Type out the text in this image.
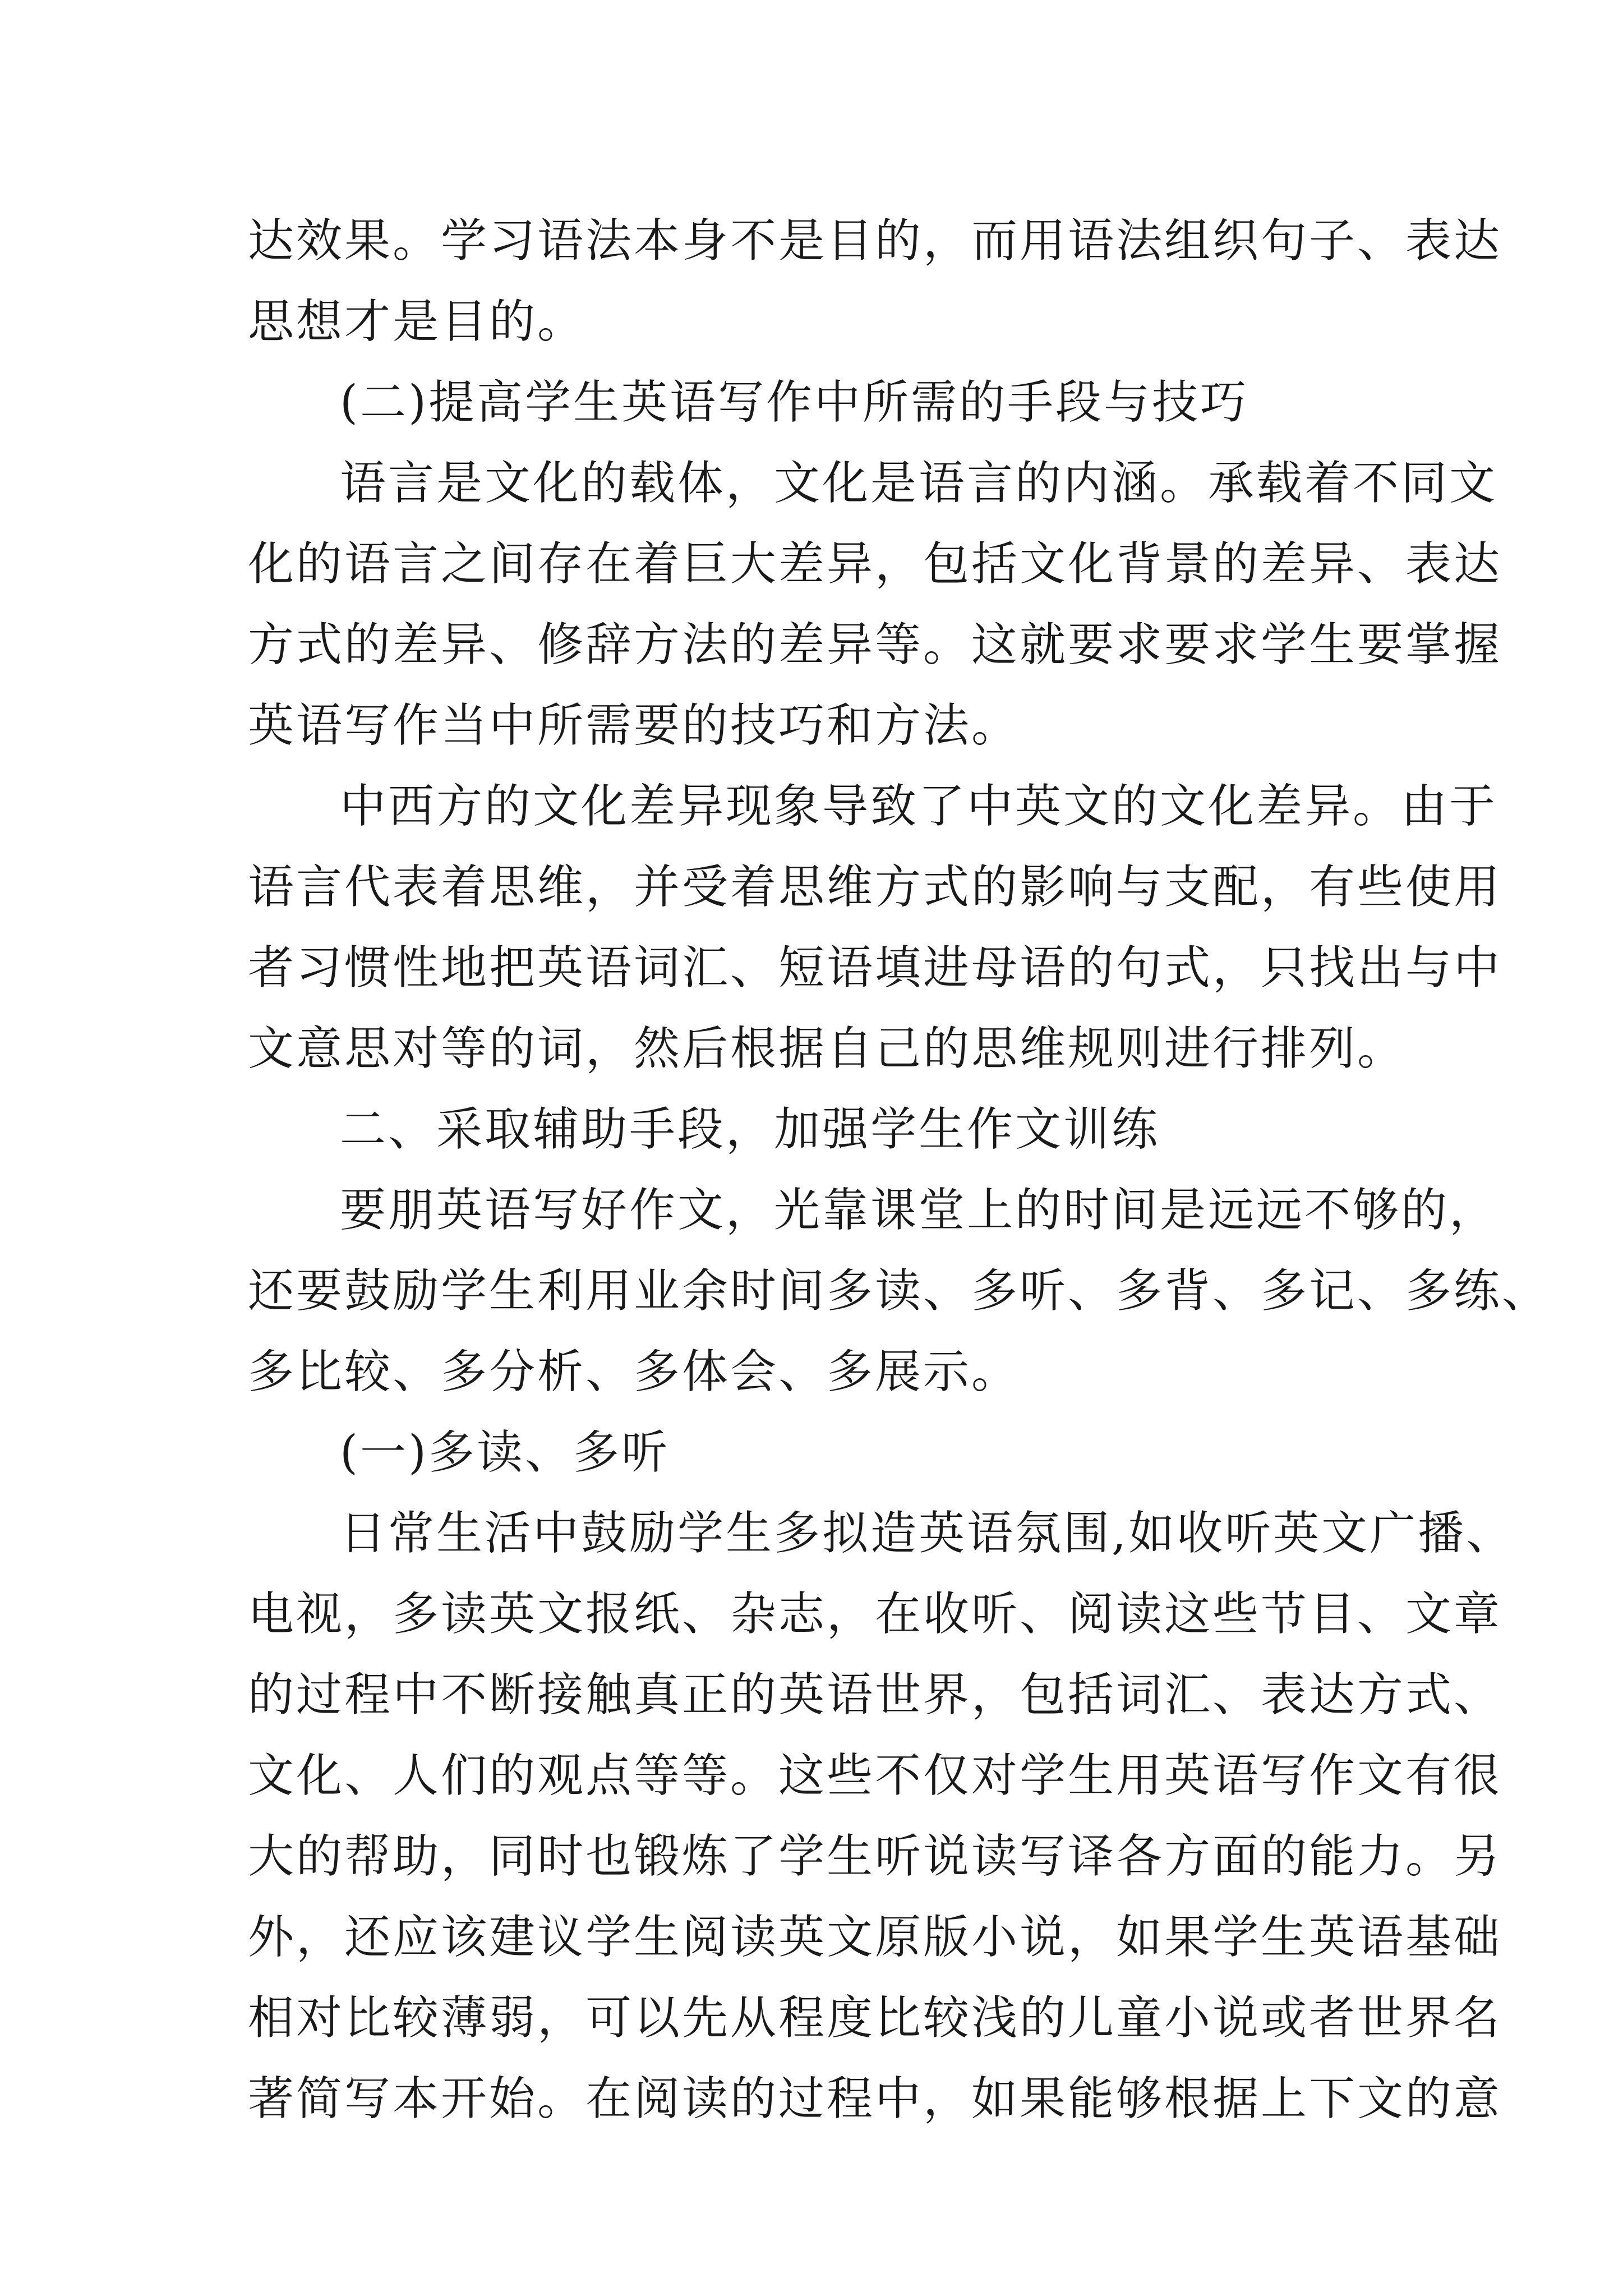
达效果。学习语法本身不是目的，而用语法组织句子、表达
思想才是目的。
(二)提高学生英语写作中所需的手段与技巧
语言是文化的载体，文化是语言的内涵。承载着不同文
化的语言之间存在着巨大差异，包括文化背景的差异、表达
方式的差异、修辞方法的差异等。这就要求要求学生要掌握
英语写作当中所需要的技巧和方法。
中西方的文化差异现象导致了中英文的文化差异。由于
语言代表着思维，并受着思维方式的影响与支配，有些使用
者习惯性地把英语词汇、短语填进母语的句式，只找出与中
文意思对等的词，然后根据自己的思维规则进行排列。
二、采取辅助手段，加强学生作文训练
要朋英语写好作文，光靠课堂上的时间是远远不够的，
还要鼓励学生利用业余时间多读、多听、多背、多记、多练、
多比较、多分析、多体会、多展示。
(一)多读、多听
日常生活中鼓励学生多拟造英语氛围,如收听英文广播、
电视，多读英文报纸、杂志，在收听、阅读这些节目、文章
的过程中不断接触真正的英语世界，包括词汇、表达方式、
文化、人们的观点等等。这些不仅对学生用英语写作文有很
大的帮助，同时也锻炼了学生听说读写译各方面的能力。另
外，还应该建议学生阅读英文原版小说，如果学生英语基础
相对比较薄弱，可以先从程度比较浅的儿童小说或者世界名
著简写本开始。在阅读的过程中，如果能够根据上下文的意
